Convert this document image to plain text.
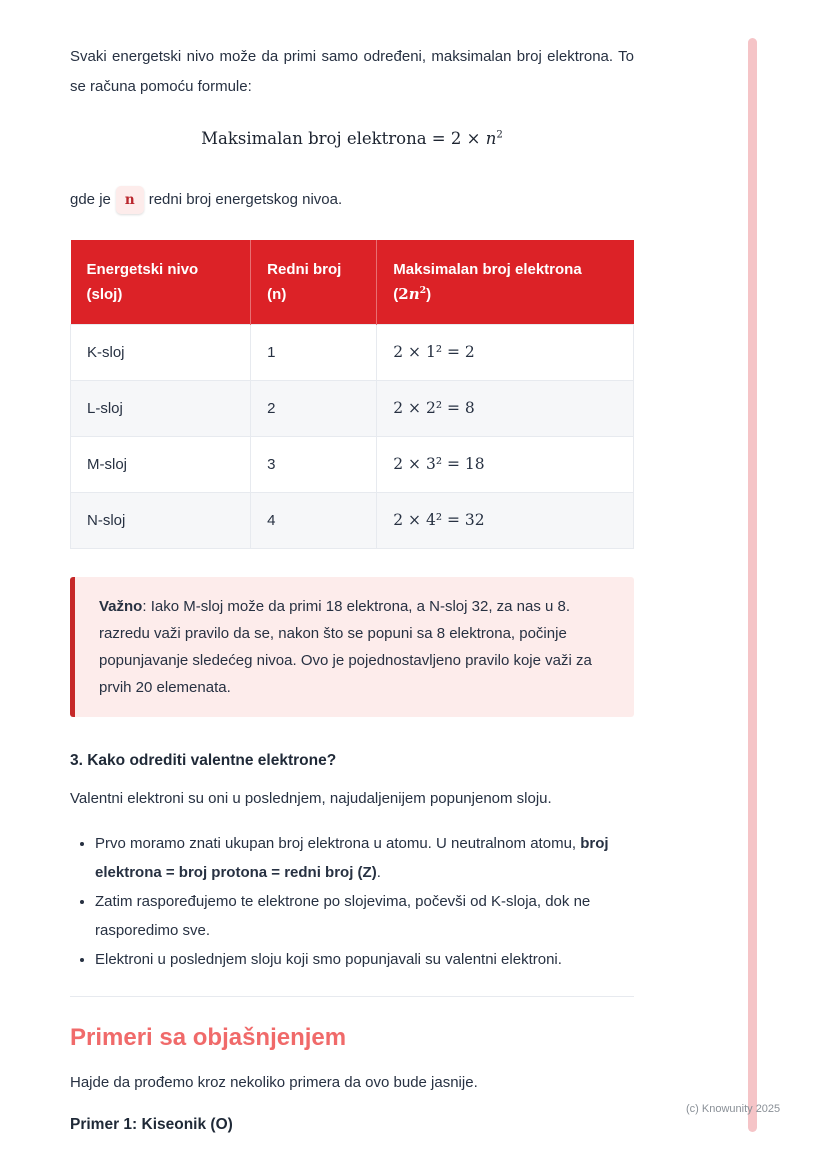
Svaki energetski nivo može da primi samo određeni, maksimalan broj elektrona. To se računa pomoću formule:

Maksimalan broj elektrona = $2 \times n^2$

gde je n redni broj energetskog nivoa.

Energetski nivo (sloj)	Redni broj (n)	Maksimalan broj elektrona $(2n^2)$
K-sloj	1	2 × 1² = 2
L-sloj	2	2 × 2² = 8
M-sloj	3	2 × 3² = 18
N-sloj	4	2 × 4² = 32
Važno: Iako M-sloj može da primi 18 elektrona, a N-sloj 32, za nas u 8. razredu važi pravilo da se, nakon što se popuni sa 8 elektrona, počinje popunjavanje sledećeg nivoa. Ovo je pojednostavljeno pravilo koje važi za prvih 20 elemenata.
3. Kako odrediti valentne elektrone?

Valentni elektroni su oni u poslednjem, najudaljenijem popunjenom sloju.

• Prvo moramo znati ukupan broj elektrona u atomu. U neutralnom atomu, broj elektrona = broj protona = redni broj (Z).
• Zatim raspoređujemo te elektrone po slojevima, počevši od K-sloja, dok ne rasporedimo sve.
• Elektroni u poslednjem sloju koji smo popunjavali su valentni elektroni.
Primeri sa objašnjenjem

Hajde da prođemo kroz nekoliko primera da ovo bude jasnije.

Primer 1: Kiseonik (O)

(c) Knowunity 2025
